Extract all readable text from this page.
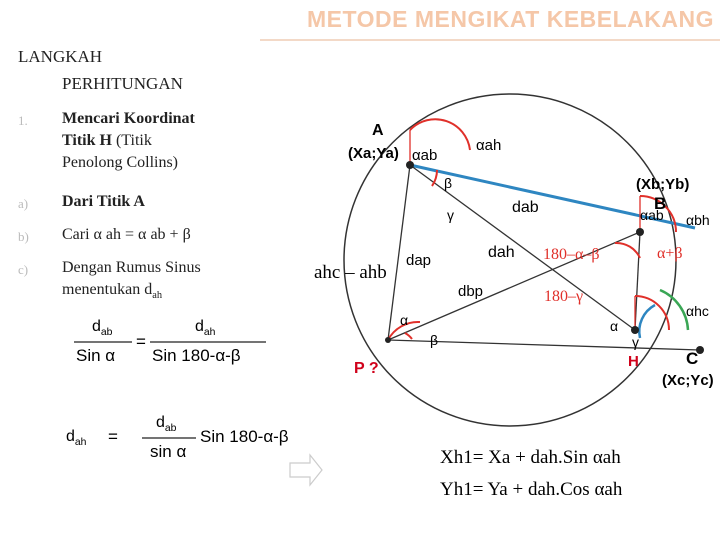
METODE MENGIKAT KEBELAKANG
LANGKAH
PERHITUNGAN
1. Mencari Koordinat
Titik H (Titik
Penolong Collins)
a) Dari Titik A
b) Cari α ah = α ab + β
c) Dengan Rumus Sinus
menentukan $d_{ah}$
$d_{ab}$
Sin α
=
$d_{ah}$
Sin 180-α-β
$d_{ah}$ =
$d_{ab}$
sin α
Sin 180-α-β
A
(Xa;Ya) αab
αah
β
γ	dab
dah
(Xb;Yb)
B
αab αbh
180–α–β	α+β
180–γ
ahc – ahb
dap
dbp
α
β
P ?
α
γ
H
αhc
C
(Xc;Yc)
Xh1= Xa + dah.Sin αah
Yh1= Ya + dah.Cos αah
